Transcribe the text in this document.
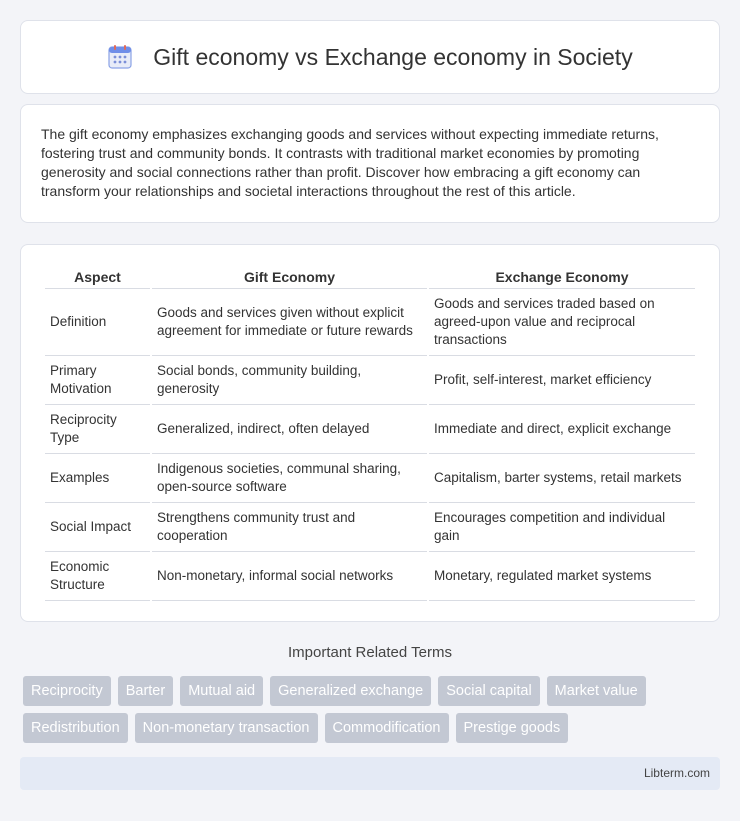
Gift economy vs Exchange economy in Society

The gift economy emphasizes exchanging goods and services without expecting immediate returns, fostering trust and community bonds. It contrasts with traditional market economies by promoting generosity and social connections rather than profit. Discover how embracing a gift economy can transform your relationships and societal interactions throughout the rest of this article.

Aspect	Gift Economy	Exchange Economy
Definition	Goods and services given without explicit agreement for immediate or future rewards	Goods and services traded based on agreed-upon value and reciprocal transactions
Primary Motivation	Social bonds, community building, generosity	Profit, self-interest, market efficiency
Reciprocity Type	Generalized, indirect, often delayed	Immediate and direct, explicit exchange
Examples	Indigenous societies, communal sharing, open-source software	Capitalism, barter systems, retail markets
Social Impact	Strengthens community trust and cooperation	Encourages competition and individual gain
Economic Structure	Non-monetary, informal social networks	Monetary, regulated market systems
Important Related Terms
Reciprocity	Barter	Mutual aid	Generalized exchange	Social capital	Market value
Redistribution	Non-monetary transaction	Commodification	Prestige goods
Libterm.com
